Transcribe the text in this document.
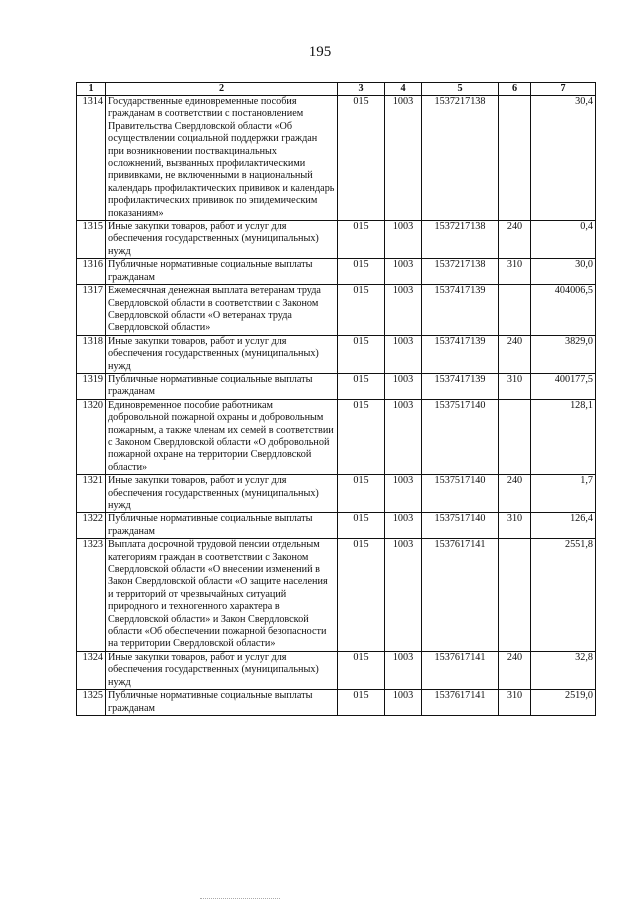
195
1	2	3	4	5	6	7
1314	Государственные единовременные пособия гражданам в соответствии с постановлением Правительства Свердловской области «Об осуществлении социальной поддержки граждан при возникновении поствакцинальных осложнений, вызванных профилактическими прививками, не включенными в национальный календарь профилактических прививок и календарь профилактических прививок по эпидемическим показаниям»	015	1003	1537217138		30,4
1315	Иные закупки товаров, работ и услуг для обеспечения государственных (муниципальных) нужд	015	1003	1537217138	240	0,4
1316	Публичные нормативные социальные выплаты гражданам	015	1003	1537217138	310	30,0
1317	Ежемесячная денежная выплата ветеранам труда Свердловской области в соответствии с Законом Свердловской области «О ветеранах труда Свердловской области»	015	1003	1537417139		404006,5
1318	Иные закупки товаров, работ и услуг для обеспечения государственных (муниципальных) нужд	015	1003	1537417139	240	3829,0
1319	Публичные нормативные социальные выплаты гражданам	015	1003	1537417139	310	400177,5
1320	Единовременное пособие работникам добровольной пожарной охраны и добровольным пожарным, а также членам их семей в соответствии с Законом Свердловской области «О добровольной пожарной охране на территории Свердловской области»	015	1003	1537517140		128,1
1321	Иные закупки товаров, работ и услуг для обеспечения государственных (муниципальных) нужд	015	1003	1537517140	240	1,7
1322	Публичные нормативные социальные выплаты гражданам	015	1003	1537517140	310	126,4
1323	Выплата досрочной трудовой пенсии отдельным категориям граждан в соответствии с Законом Свердловской области «О внесении изменений в Закон Свердловской области «О защите населения и территорий от чрезвычайных ситуаций природного и техногенного характера в Свердловской области» и Закон Свердловской области «Об обеспечении пожарной безопасности на территории Свердловской области»	015	1003	1537617141		2551,8
1324	Иные закупки товаров, работ и услуг для обеспечения государственных (муниципальных) нужд	015	1003	1537617141	240	32,8
1325	Публичные нормативные социальные выплаты гражданам	015	1003	1537617141	310	2519,0
